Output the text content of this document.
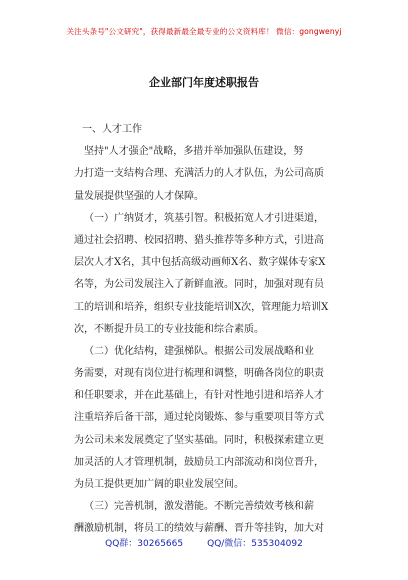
关注头条号"公文研究"，获得最新最全最专业的公文资料库！ 微信：gongwenyj
企业部门年度述职报告
一、人才工作
坚持"人才强企"战略，多措并举加强队伍建设，努
力打造一支结构合理、充满活力的人才队伍，为公司高质
量发展提供坚强的人才保障。
（一）广纳贤才，筑基引智。积极拓宽人才引进渠道，
通过社会招聘、校园招聘、猎头推荐等多种方式，引进高
层次人才X名，其中包括高级动画师X名、数字媒体专家X
名等，为公司发展注入了新鲜血液。同时，加强对现有员
工的培训和培养，组织专业技能培训X次，管理能力培训X
次，不断提升员工的专业技能和综合素质。
（二）优化结构，建强梯队。根据公司发展战略和业
务需要，对现有岗位进行梳理和调整，明确各岗位的职责
和任职要求，并在此基础上，有针对性地引进和培养人才
注重培养后备干部，通过轮岗锻炼、参与重要项目等方式
为公司未来发展奠定了坚实基础。同时，积极探索建立更
加灵活的人才管理机制，鼓励员工内部流动和岗位晋升，
为员工提供更加广阔的职业发展空间。
（三）完善机制，激发潜能。不断完善绩效考核和薪
酬激励机制，将员工的绩效与薪酬、晋升等挂钩，加大对
QQ群：30265665	QQ/微信：535304092
